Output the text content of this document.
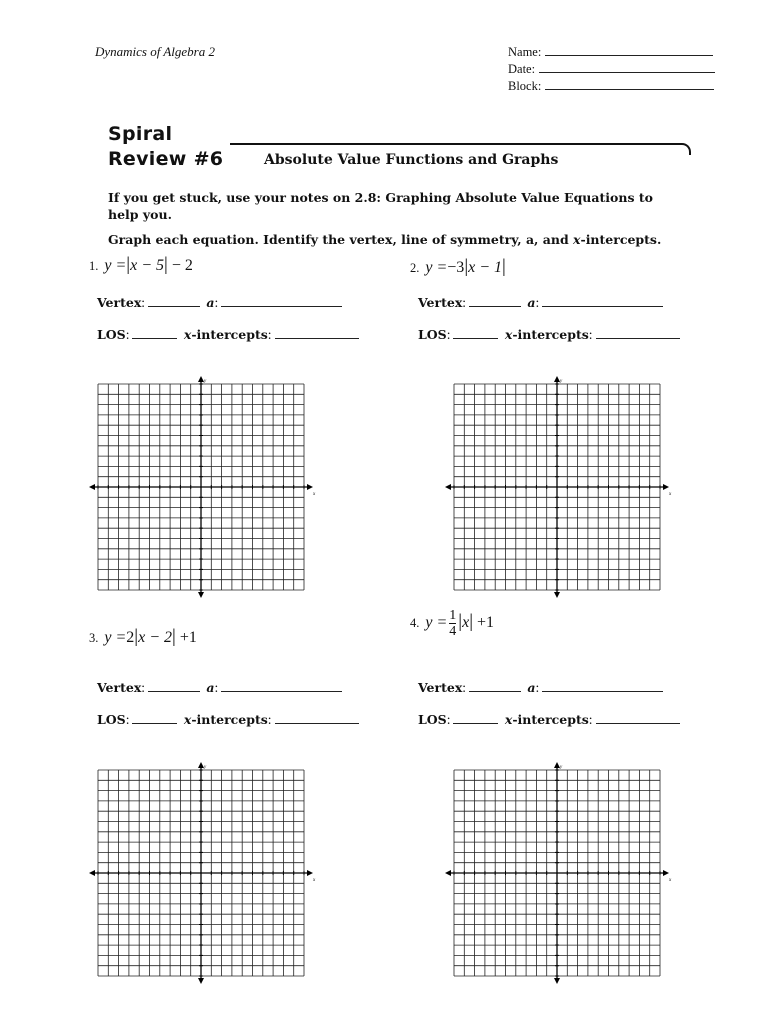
Dynamics of Algebra 2	Name:
Date:
Block:
Spiral
Review #6	Absolute Value Functions and Graphs
If you get stuck, use your notes on 2.8: Graphing Absolute Value Equations to help you.
Graph each equation. Identify the vertex, line of symmetry, a, and x-intercepts.
1. y =|x − 5| − 2	2. y =−3|x − 1|
3. y =2|x − 2| +1
4. $y = \frac{1}{4} |x| +1$
Vertex:	a:
LOS:	x-intercepts:
Vertex:	a:
LOS:	x-intercepts:
Vertex:	a:
LOS:	x-intercepts:
Vertex:	a:
LOS:	x-intercepts:
x
y
x
y
x
y
x
y
